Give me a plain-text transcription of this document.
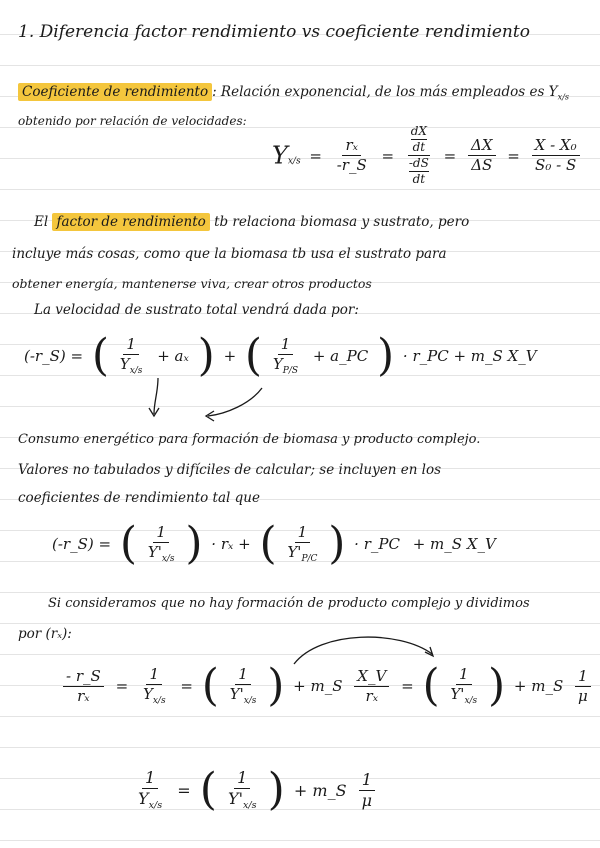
1. Diferencia factor rendimiento vs coeficiente rendimiento
Coeficiente de rendimiento : Relación exponencial, de los más empleados es $Y_{x/s}$
obtenido por relación de velocidades:
$Y_{x/s} = \frac{\text{rₓ}}{-r\_S}$ = dX
dt
-dS
dt = $\frac{\Delta X}{\Delta S} = \frac{\text{X - X₀}}{\text{S₀ - S}}$
El factor de rendimiento tb relaciona biomasa y sustrato, pero
incluye más cosas, como que la biomasa tb usa el sustrato para
obtener energía, mantenerse viva, crear otros productos
La velocidad de sustrato total vendrá dada por:
(-r_S) = ( $\frac{1}{Y_{x/s}} + a_x$ ) + ( $\frac{1}{Y_{P/S}}$ + a_PC ) · r_PC + m_S X_V
Consumo energético para formación de biomasa y producto complejo.
Valores no tabulados y difíciles de calcular; se incluyen en los
coeficientes de rendimiento tal que
(-r_S) = ( $\frac{1}{Y'_{x/s}}$ ) · rₓ + ( $\frac{1}{Y'_{P/C}}$ ) · r_PC + m_S X_V
Si consideramos que no hay formación de producto complejo y dividimos
por (rₓ):
$\frac{- r\_S}{\text{rₓ}} = \frac{1}{Y_{x/s}}$ = ( $\frac{1}{Y'_{x/s}}$ ) + m_S $\frac{X\_V}{\text{rₓ}}$ = ( $\frac{1}{Y'_{x/s}}$ ) + m_S $\frac{1}{\mu}$
$\frac{1}{Y_{x/s}}$ = ( $\frac{1}{Y'_{x/s}}$ ) + m_S $\frac{1}{\mu}$
